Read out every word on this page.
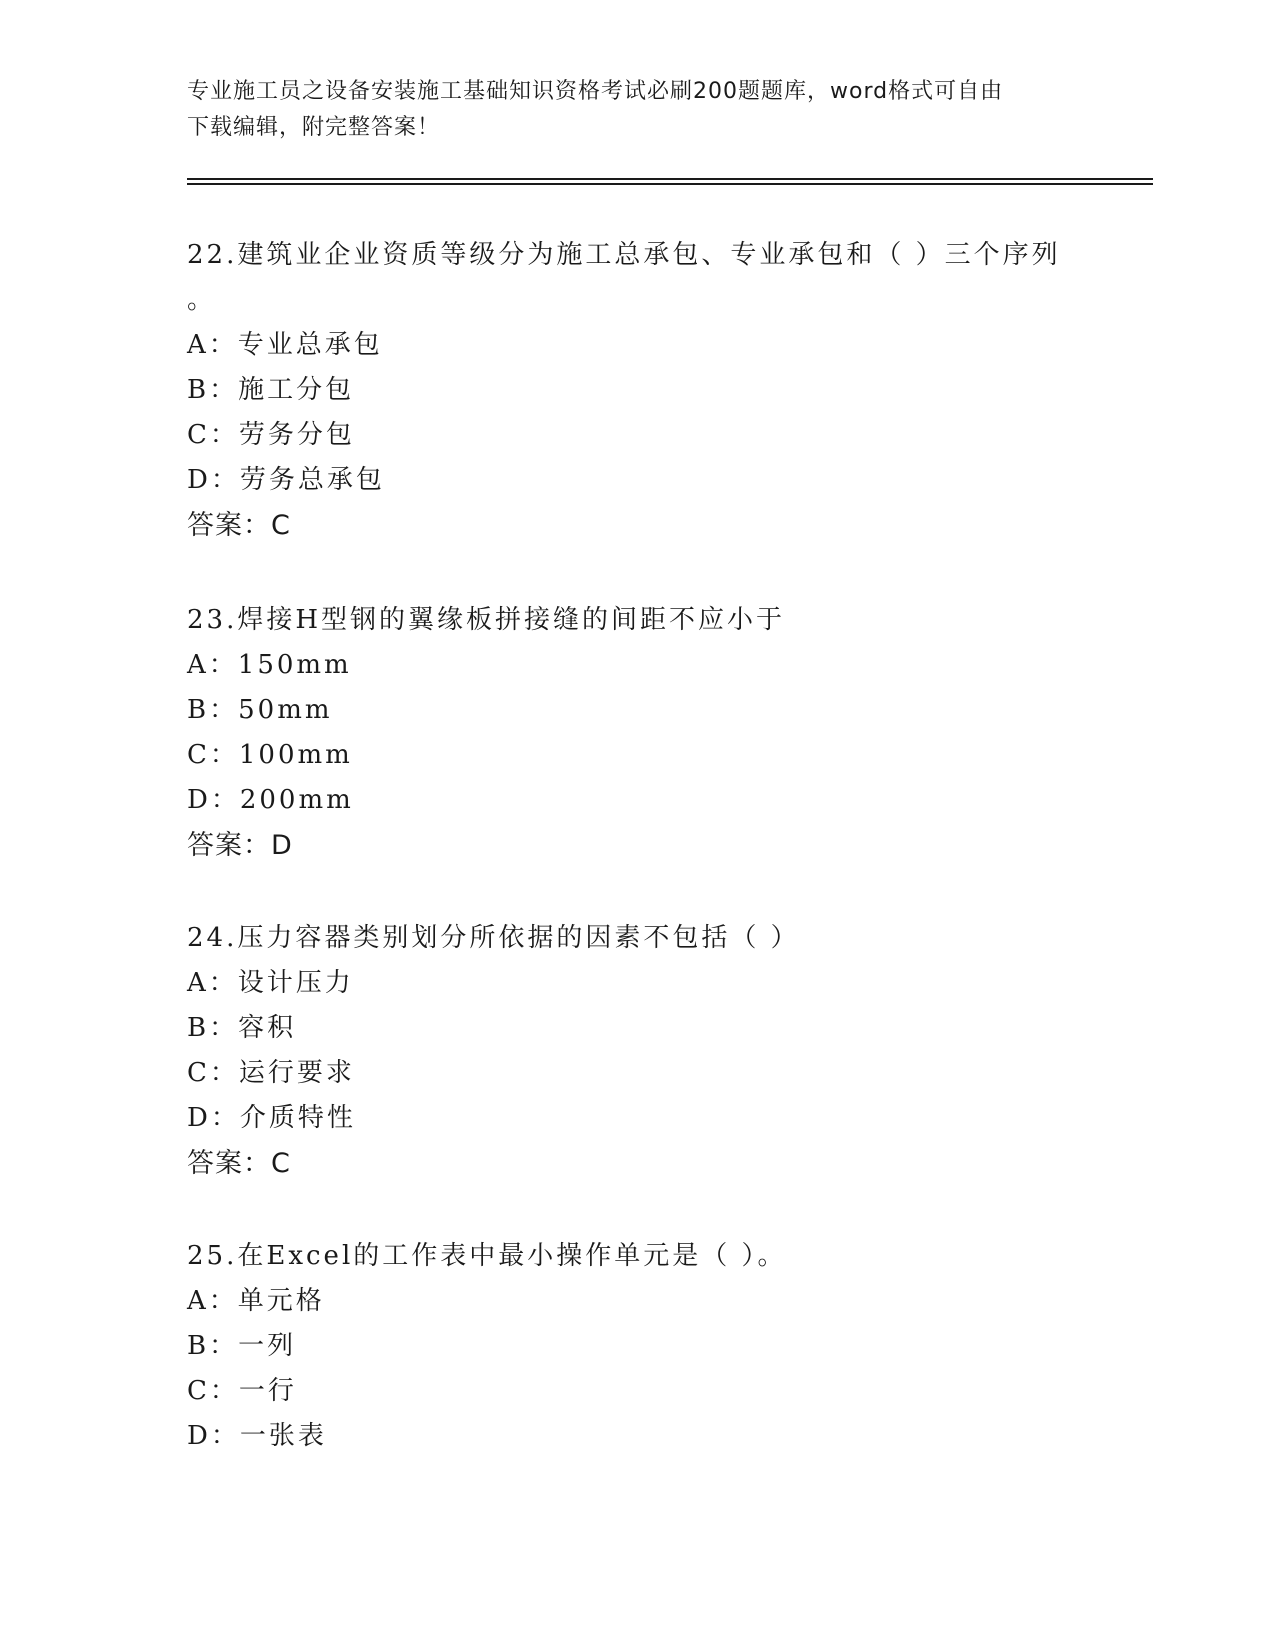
专业施工员之设备安装施工基础知识资格考试必刷200题题库，word格式可自由
下载编辑，附完整答案！

22.建筑业企业资质等级分为施工总承包、专业承包和（ ）三个序列

。

A：专业总承包

B：施工分包

C：劳务分包

D：劳务总承包

答案：C

23.焊接H型钢的翼缘板拼接缝的间距不应小于

A：150mm

B：50mm

C：100mm

D：200mm

答案：D

24.压力容器类别划分所依据的因素不包括（ ）

A：设计压力

B：容积

C：运行要求

D：介质特性

答案：C

25.在Excel的工作表中最小操作单元是（ ）。

A：单元格

B：一列

C：一行

D：一张表
